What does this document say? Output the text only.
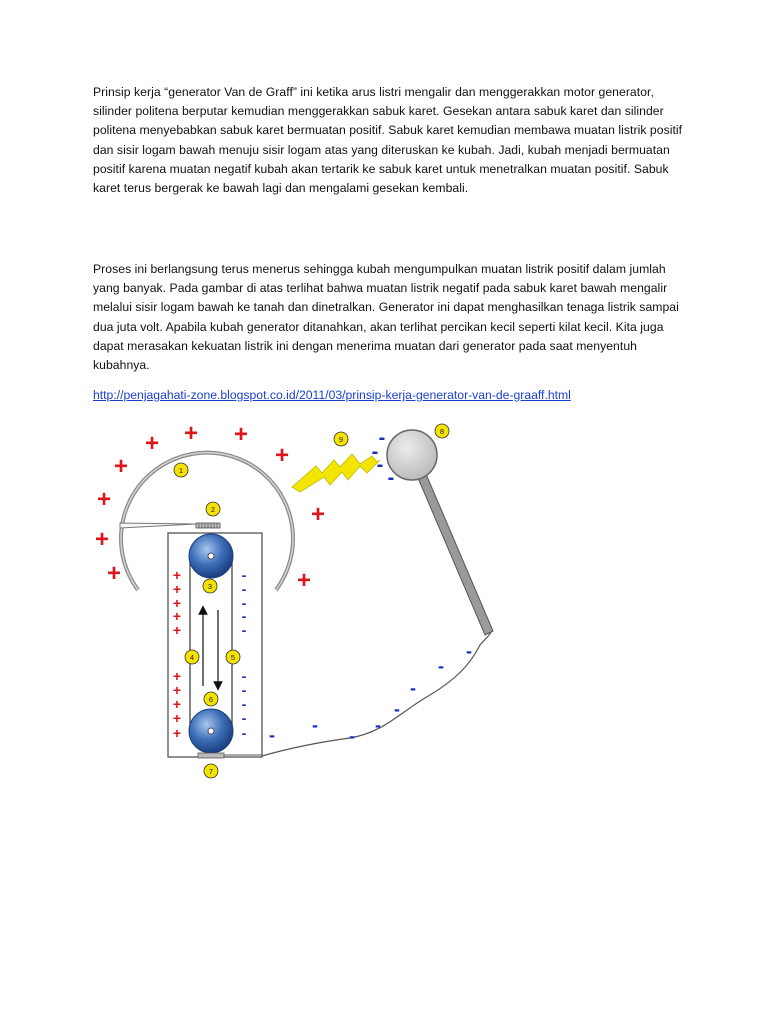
Prinsip kerja “generator Van de Graff” ini ketika arus listri mengalir dan menggerakkan motor generator, silinder politena berputar kemudian menggerakkan sabuk karet. Gesekan antara sabuk karet dan silinder politena menyebabkan sabuk karet bermuatan positif. Sabuk karet kemudian membawa muatan listrik positif dan sisir logam bawah menuju sisir logam atas yang diteruskan ke kubah. Jadi, kubah menjadi bermuatan positif karena muatan negatif kubah akan tertarik ke sabuk karet untuk menetralkan muatan positif. Sabuk karet terus bergerak ke bawah lagi dan mengalami gesekan kembali.

Proses ini berlangsung terus menerus sehingga kubah mengumpulkan muatan listrik positif dalam jumlah yang banyak. Pada gambar di atas terlihat bahwa muatan listrik negatif pada sabuk karet bawah mengalir melalui sisir logam bawah ke tanah dan dinetralkan. Generator ini dapat menghasilkan tenaga listrik sampai dua juta volt. Apabila kubah generator ditanahkan, akan terlihat percikan kecil seperti kilat kecil. Kita juga dapat merasakan kekuatan listrik ini dengan menerima muatan dari generator pada saat menyentuh kubahnya.

http://penjagahati-zone.blogspot.co.id/2011/03/prinsip-kerja-generator-van-de-graaff.html
1
2
3
4	5
6
7
8
9
+ +
+	+
+
+
+
+
+	+
+
+
+
+
+
+
+
+
+
+
-
-
-
-
-
-
-
-
-
-
-
-
-
-
- -
-
-
-
-
-
-
